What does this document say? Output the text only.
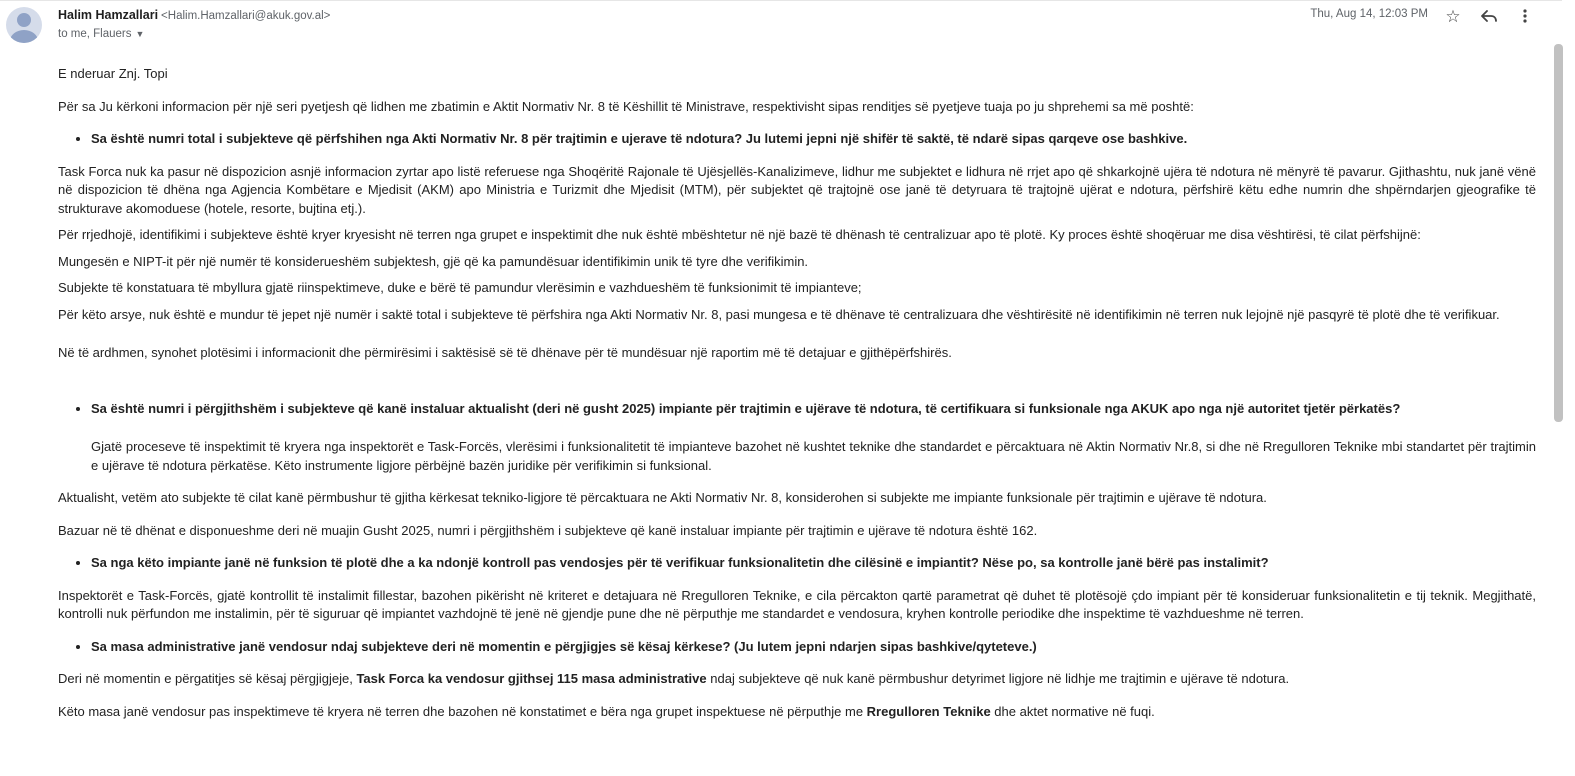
Halim Hamzallari <Halim.Hamzallari@akuk.gov.al>
to me, Flauers ▼
Thu, Aug 14, 12:03 PM ☆

E nderuar Znj. Topi

Për sa Ju kërkoni informacion për një seri pyetjesh që lidhen me zbatimin e Aktit Normativ Nr. 8 të Këshillit të Ministrave, respektivisht sipas renditjes së pyetjeve tuaja po ju shprehemi sa më poshtë:

• Sa është numri total i subjekteve që përfshihen nga Akti Normativ Nr. 8 për trajtimin e ujerave të ndotura? Ju lutemi jepni një shifër të saktë, të ndarë sipas qarqeve ose bashkive.

Task Forca nuk ka pasur në dispozicion asnjë informacion zyrtar apo listë referuese nga Shoqëritë Rajonale të Ujësjellës-Kanalizimeve, lidhur me subjektet e lidhura në rrjet apo që shkarkojnë ujëra të ndotura në mënyrë të pavarur. Gjithashtu, nuk janë vënë në dispozicion të dhëna nga Agjencia Kombëtare e Mjedisit (AKM) apo Ministria e Turizmit dhe Mjedisit (MTM), për subjektet që trajtojnë ose janë të detyruara të trajtojnë ujërat e ndotura, përfshirë këtu edhe numrin dhe shpërndarjen gjeografike të strukturave akomoduese (hotele, resorte, bujtina etj.).

Për rrjedhojë, identifikimi i subjekteve është kryer kryesisht në terren nga grupet e inspektimit dhe nuk është mbështetur në një bazë të dhënash të centralizuar apo të plotë. Ky proces është shoqëruar me disa vështirësi, të cilat përfshijnë:

Mungesën e NIPT-it për një numër të konsiderueshëm subjektesh, gjë që ka pamundësuar identifikimin unik të tyre dhe verifikimin.

Subjekte të konstatuara të mbyllura gjatë riinspektimeve, duke e bërë të pamundur vlerësimin e vazhdueshëm të funksionimit të impianteve;

Për këto arsye, nuk është e mundur të jepet një numër i saktë total i subjekteve të përfshira nga Akti Normativ Nr. 8, pasi mungesa e të dhënave të centralizuara dhe vështirësitë në identifikimin në terren nuk lejojnë një pasqyrë të plotë dhe të verifikuar.

Në të ardhmen, synohet plotësimi i informacionit dhe përmirësimi i saktësisë së të dhënave për të mundësuar një raportim më të detajuar e gjithëpërfshirës.

• Sa është numri i përgjithshëm i subjekteve që kanë instaluar aktualisht (deri në gusht 2025) impiante për trajtimin e ujërave të ndotura, të certifikuara si funksionale nga AKUK apo nga një autoritet tjetër përkatës?

Gjatë proceseve të inspektimit të kryera nga inspektorët e Task-Forcës, vlerësimi i funksionalitetit të impianteve bazohet në kushtet teknike dhe standardet e përcaktuara në Aktin Normativ Nr.8, si dhe në Rregulloren Teknike mbi standartet për trajtimin e ujërave të ndotura përkatëse. Këto instrumente ligjore përbëjnë bazën juridike për verifikimin si funksional.

Aktualisht, vetëm ato subjekte të cilat kanë përmbushur të gjitha kërkesat tekniko-ligjore të përcaktuara ne Akti Normativ Nr. 8, konsiderohen si subjekte me impiante funksionale për trajtimin e ujërave të ndotura.

Bazuar në të dhënat e disponueshme deri në muajin Gusht 2025, numri i përgjithshëm i subjekteve që kanë instaluar impiante për trajtimin e ujërave të ndotura është 162.

• Sa nga këto impiante janë në funksion të plotë dhe a ka ndonjë kontroll pas vendosjes për të verifikuar funksionalitetin dhe cilësinë e impiantit? Nëse po, sa kontrolle janë bërë pas instalimit?

Inspektorët e Task-Forcës, gjatë kontrollit të instalimit fillestar, bazohen pikërisht në kriteret e detajuara në Rregulloren Teknike, e cila përcakton qartë parametrat që duhet të plotësojë çdo impiant për të konsideruar funksionalitetin e tij teknik. Megjithatë, kontrolli nuk përfundon me instalimin, për të siguruar që impiantet vazhdojnë të jenë në gjendje pune dhe në përputhje me standardet e vendosura, kryhen kontrolle periodike dhe inspektime të vazhdueshme në terren.

• Sa masa administrative janë vendosur ndaj subjekteve deri në momentin e përgjigjes së kësaj kërkese? (Ju lutem jepni ndarjen sipas bashkive/qyteteve.)

Deri në momentin e përgatitjes së kësaj përgjigjeje, Task Forca ka vendosur gjithsej 115 masa administrative ndaj subjekteve që nuk kanë përmbushur detyrimet ligjore në lidhje me trajtimin e ujërave të ndotura.

Këto masa janë vendosur pas inspektimeve të kryera në terren dhe bazohen në konstatimet e bëra nga grupet inspektuese në përputhje me Rregulloren Teknike dhe aktet normative në fuqi.
